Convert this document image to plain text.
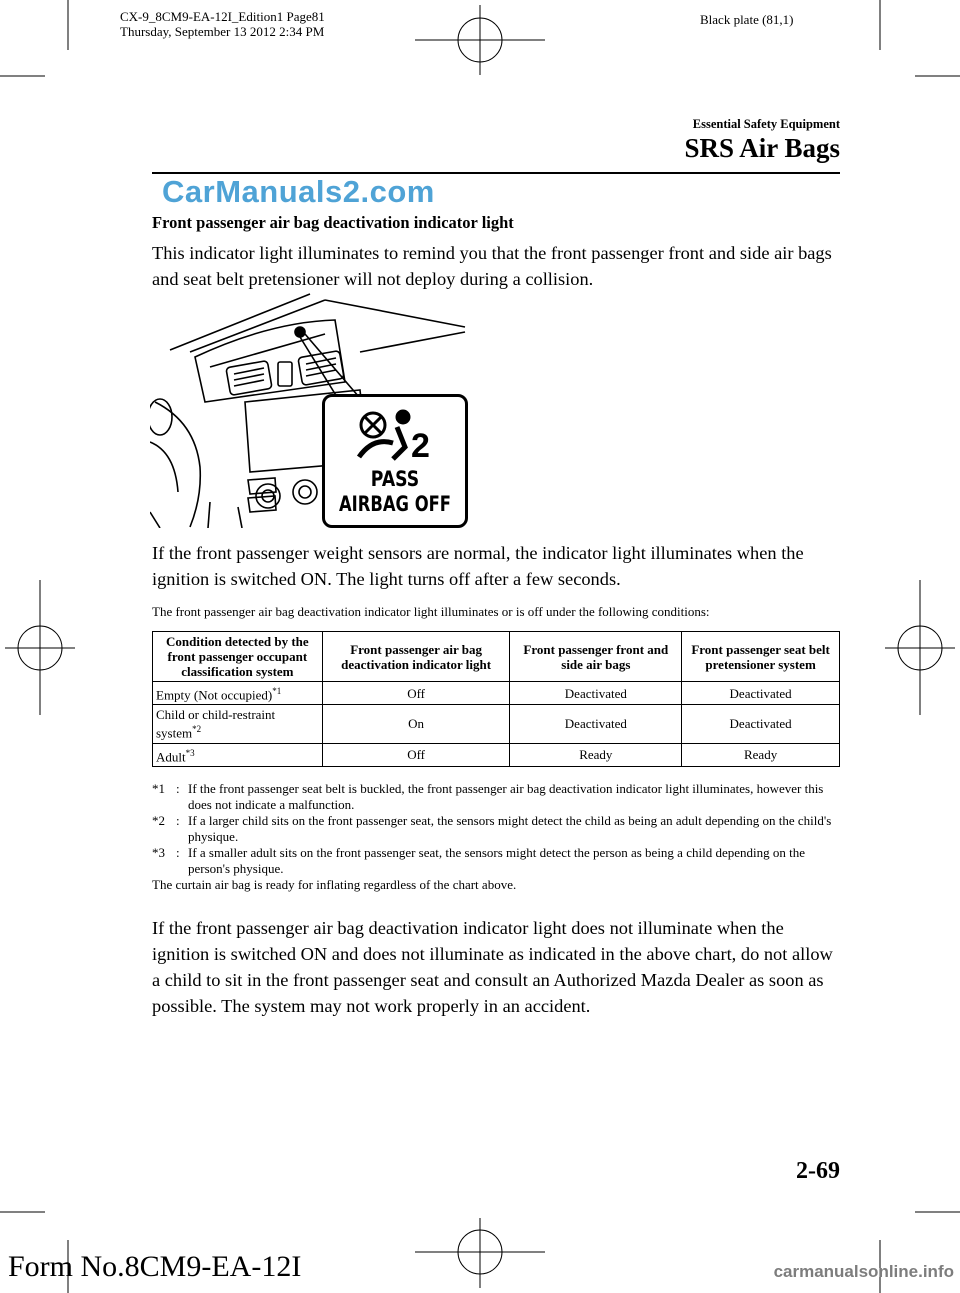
CX-9_8CM9-EA-12I_Edition1 Page81
Thursday, September 13 2012 2:34 PM
Black plate (81,1)
Essential Safety Equipment
SRS Air Bags
CarManuals2.com
Front passenger air bag deactivation indicator light
This indicator light illuminates to remind you that the front passenger front and side air bags and seat belt pretensioner will not deploy during a collision.
2
PASS
AIRBAG OFF
If the front passenger weight sensors are normal, the indicator light illuminates when the ignition is switched ON. The light turns off after a few seconds.
The front passenger air bag deactivation indicator light illuminates or is off under the following conditions:
Condition detected by the front passenger occupant classification system	Front passenger air bag deactivation indicator light	Front passenger front and side air bags	Front passenger seat belt pretensioner system
Empty (Not occupied)$^{*1}$	Off	Deactivated	Deactivated
Child or child-restraint system$^{*2}$	On	Deactivated	Deactivated
Adult$^{*3}$	Off	Ready	Ready
*1 : If the front passenger seat belt is buckled, the front passenger air bag deactivation indicator light illuminates, however this does not indicate a malfunction.
*2 : If a larger child sits on the front passenger seat, the sensors might detect the child as being an adult depending on the child's physique.
*3 : If a smaller adult sits on the front passenger seat, the sensors might detect the person as being a child depending on the person's physique.
The curtain air bag is ready for inflating regardless of the chart above.
If the front passenger air bag deactivation indicator light does not illuminate when the ignition is switched ON and does not illuminate as indicated in the above chart, do not allow a child to sit in the front passenger seat and consult an Authorized Mazda Dealer as soon as possible. The system may not work properly in an accident.
2-69
Form No.8CM9-EA-12I	carmanualsonline.info
